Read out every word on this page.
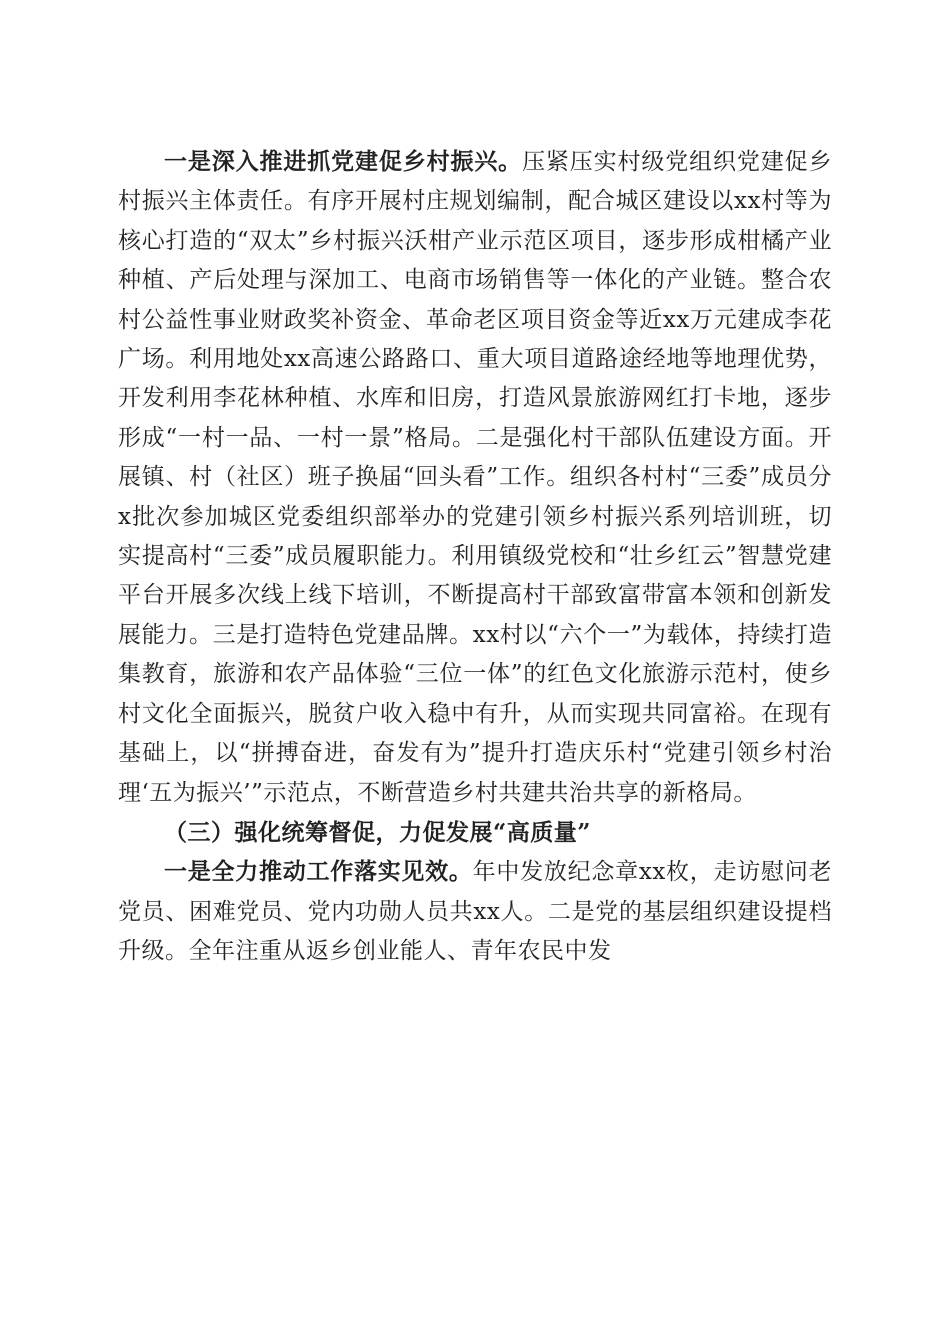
一是深入推进抓党建促乡村振兴。压紧压实村级党组织党建促乡村振兴主体责任。有序开展村庄规划编制，配合城区建设以xx村等为核心打造的“双太”乡村振兴沃柑产业示范区项目，逐步形成柑橘产业种植、产后处理与深加工、电商市场销售等一体化的产业链。整合农村公益性事业财政奖补资金、革命老区项目资金等近xx万元建成李花广场。利用地处xx高速公路路口、重大项目道路途经地等地理优势，开发利用李花林种植、水库和旧房，打造风景旅游网红打卡地，逐步形成“一村一品、一村一景”格局。二是强化村干部队伍建设方面。开展镇、村（社区）班子换届“回头看”工作。组织各村村“三委”成员分x批次参加城区党委组织部举办的党建引领乡村振兴系列培训班，切实提高村“三委”成员履职能力。利用镇级党校和“壮乡红云”智慧党建平台开展多次线上线下培训，不断提高村干部致富带富本领和创新发展能力。三是打造特色党建品牌。xx村以“六个一”为载体，持续打造集教育，旅游和农产品体验“三位一体”的红色文化旅游示范村，使乡村文化全面振兴，脱贫户收入稳中有升，从而实现共同富裕。在现有基础上，以“拼搏奋进，奋发有为”提升打造庆乐村“党建引领乡村治理‘五为振兴’”示范点，不断营造乡村共建共治共享的新格局。

（三）强化统筹督促，力促发展“高质量”

一是全力推动工作落实见效。年中发放纪念章xx枚，走访慰问老党员、困难党员、党内功勋人员共xx人。二是党的基层组织建设提档升级。全年注重从返乡创业能人、青年农民中发
